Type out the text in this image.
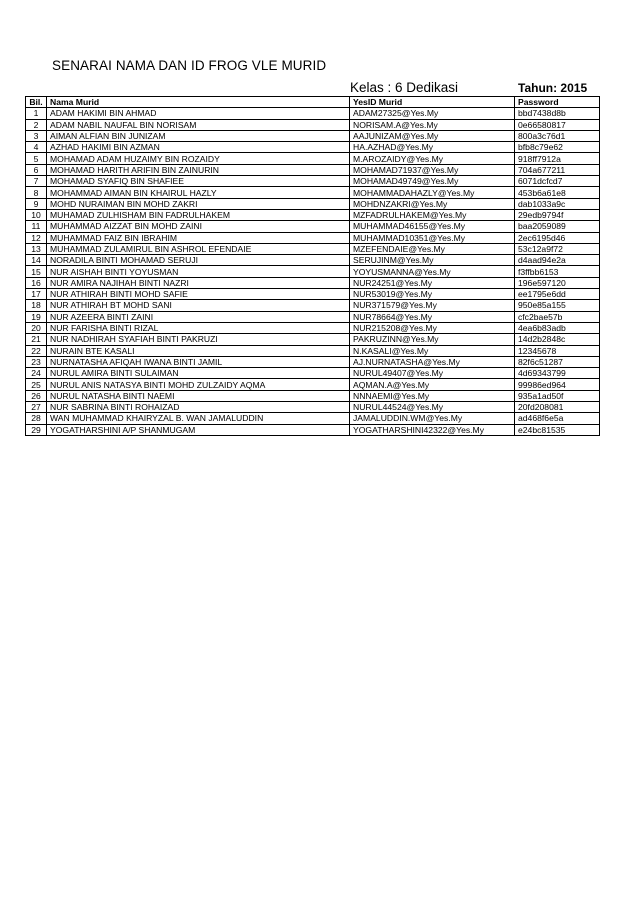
SENARAI NAMA DAN ID FROG VLE MURID
Kelas : 6 Dedikasi	Tahun: 2015
Bil.	Nama Murid	YesID Murid	Password
1	ADAM HAKIMI BIN AHMAD	ADAM27325@Yes.My	bbd7438d8b
2	ADAM NABIL NAUFAL BIN NORISAM	NORISAM.A@Yes.My	0e66580817
3	AIMAN ALFIAN BIN JUNIZAM	AAJUNIZAM@Yes.My	800a3c76d1
4	AZHAD HAKIMI BIN AZMAN	HA.AZHAD@Yes.My	bfb8c79e62
5	MOHAMAD ADAM HUZAIMY BIN ROZAIDY	M.AROZAIDY@Yes.My	918ff7912a
6	MOHAMAD HARITH ARIFIN BIN ZAINURIN	MOHAMAD71937@Yes.My	704a677211
7	MOHAMAD SYAFIQ BIN SHAFIEE	MOHAMAD49749@Yes.My	6071dcfcd7
8	MOHAMMAD AIMAN BIN KHAIRUL HAZLY	MOHAMMADAHAZLY@Yes.My	453b6a61e8
9	MOHD NURAIMAN BIN MOHD ZAKRI	MOHDNZAKRI@Yes.My	dab1033a9c
10	MUHAMAD ZULHISHAM BIN FADRULHAKEM	MZFADRULHAKEM@Yes.My	29edb9794f
11	MUHAMMAD AIZZAT BIN MOHD ZAINI	MUHAMMAD46155@Yes.My	baa2059089
12	MUHAMMAD FAIZ BIN IBRAHIM	MUHAMMAD10351@Yes.My	2ec6195d46
13	MUHAMMAD ZULAMIRUL BIN ASHROL EFENDAIE	MZEFENDAIE@Yes.My	53c12a9f72
14	NORADILA BINTI MOHAMAD SERUJI	SERUJINM@Yes.My	d4aad94e2a
15	NUR AISHAH BINTI YOYUSMAN	YOYUSMANNA@Yes.My	f3ffbb6153
16	NUR AMIRA NAJIHAH BINTI NAZRI	NUR24251@Yes.My	196e597120
17	NUR ATHIRAH BINTI MOHD SAFIE	NUR53019@Yes.My	ee1795e6dd
18	NUR ATHIRAH BT MOHD SANI	NUR371579@Yes.My	950e85a155
19	NUR AZEERA BINTI ZAINI	NUR78664@Yes.My	cfc2bae57b
20	NUR FARISHA BINTI RIZAL	NUR215208@Yes.My	4ea6b83adb
21	NUR NADHIRAH SYAFIAH BINTI PAKRUZI	PAKRUZINN@Yes.My	14d2b2848c
22	NURAIN BTE KASALI	N.KASALI@Yes.My	12345678
23	NURNATASHA AFIQAH IWANA BINTI JAMIL	AJ.NURNATASHA@Yes.My	82f6c51287
24	NURUL AMIRA BINTI SULAIMAN	NURUL49407@Yes.My	4d69343799
25	NURUL ANIS NATASYA BINTI MOHD ZULZAIDY AQMA	AQMAN.A@Yes.My	99986ed964
26	NURUL NATASHA BINTI NAEMI	NNNAEMI@Yes.My	935a1ad50f
27	NUR SABRINA BINTI ROHAIZAD	NURUL44524@Yes.My	20fd208081
28	WAN MUHAMMAD KHAIRYZAL B. WAN JAMALUDDIN	JAMALUDDIN.WM@Yes.My	ad468f6e5a
29	YOGATHARSHINI A/P SHANMUGAM	YOGATHARSHINI42322@Yes.My	e24bc81535
